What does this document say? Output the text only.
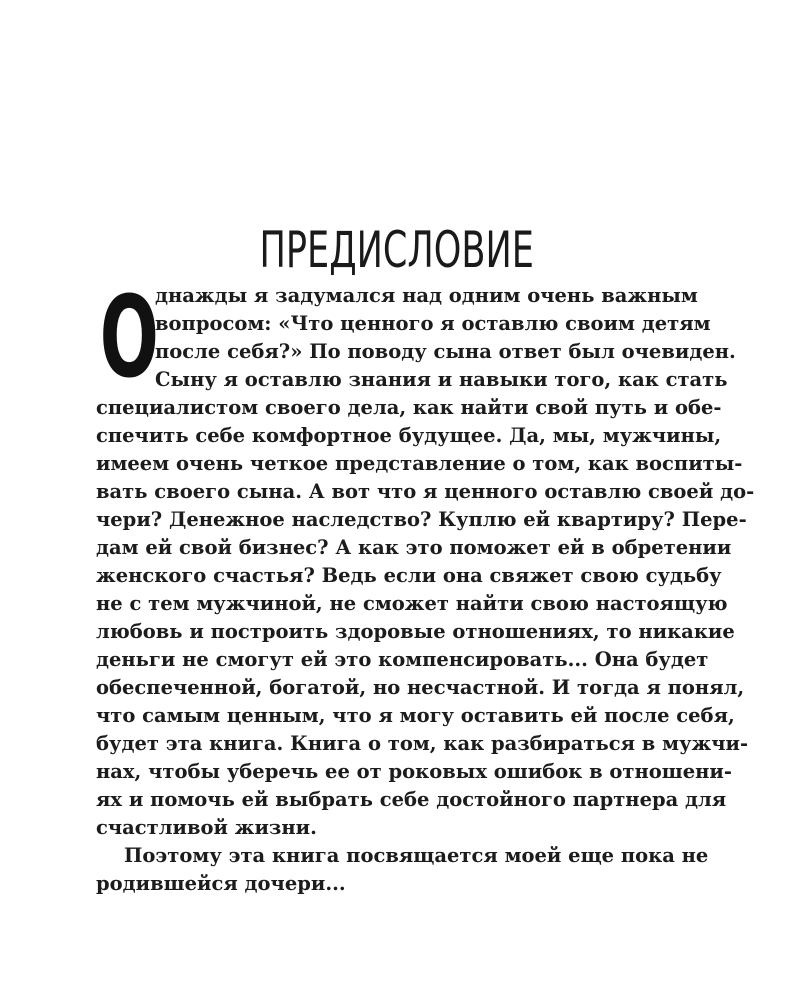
ПРЕДИСЛОВИЕ
О
днажды я задумался над одним очень важным
вопросом: «Что ценного я оставлю своим детям
после себя?» По поводу сына ответ был очевиден.
Сыну я оставлю знания и навыки того, как стать
специалистом своего дела, как найти свой путь и обе-
спечить себе комфортное будущее. Да, мы, мужчины,
имеем очень четкое представление о том, как воспиты-
вать своего сына. А вот что я ценного оставлю своей до-
чери? Денежное наследство? Куплю ей квартиру? Пере-
дам ей свой бизнес? А как это поможет ей в обретении
женского счастья? Ведь если она свяжет свою судьбу
не с тем мужчиной, не сможет найти свою настоящую
любовь и построить здоровые отношениях, то никакие
деньги не смогут ей это компенсировать... Она будет
обеспеченной, богатой, но несчастной. И тогда я понял,
что самым ценным, что я могу оставить ей после себя,
будет эта книга. Книга о том, как разбираться в мужчи-
нах, чтобы уберечь ее от роковых ошибок в отношени-
ях и помочь ей выбрать себе достойного партнера для
счастливой жизни.
Поэтому эта книга посвящается моей еще пока не
родившейся дочери...
